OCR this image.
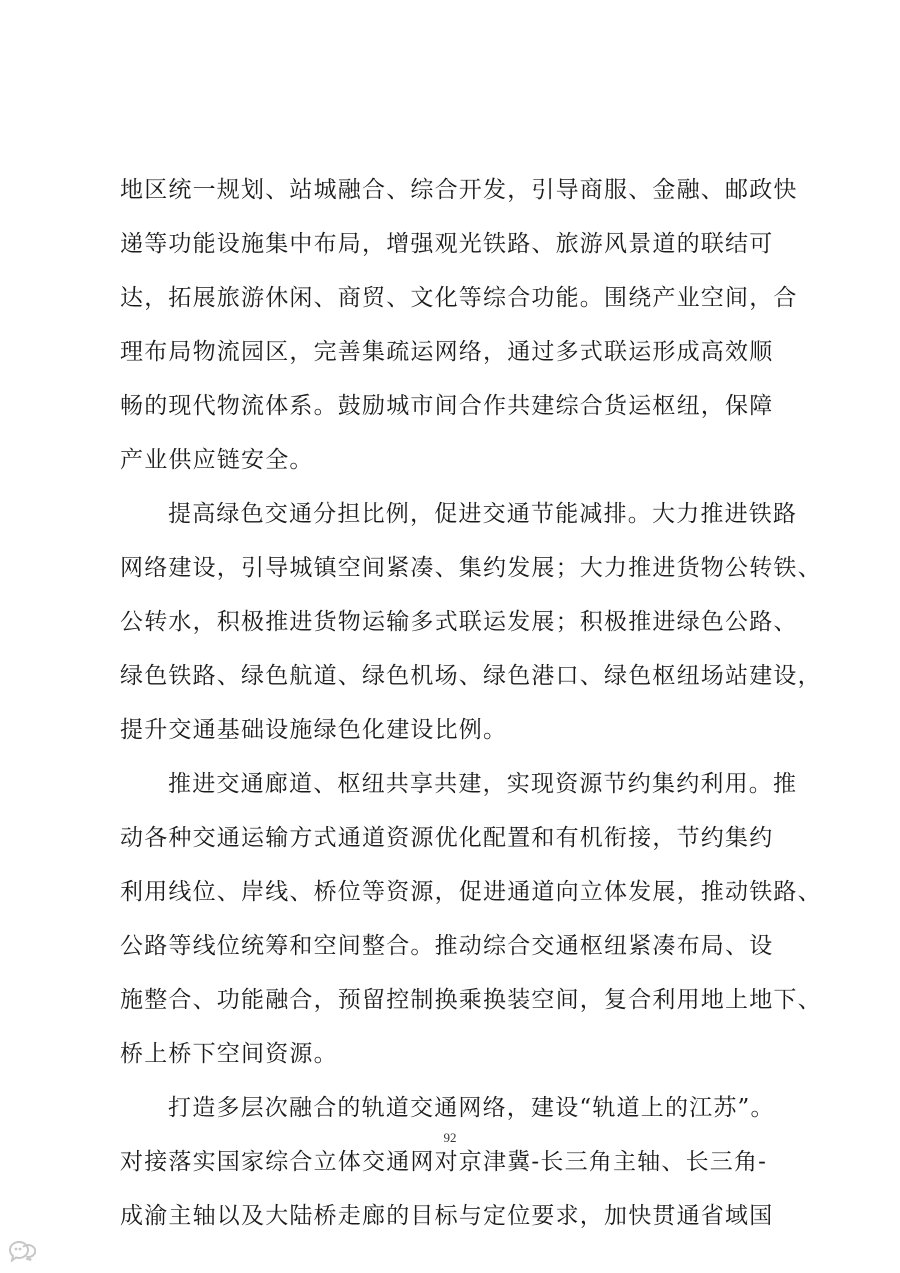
地区统一规划、站城融合、综合开发，引导商服、金融、邮政快
递等功能设施集中布局，增强观光铁路、旅游风景道的联结可
达，拓展旅游休闲、商贸、文化等综合功能。围绕产业空间，合
理布局物流园区，完善集疏运网络，通过多式联运形成高效顺
畅的现代物流体系。鼓励城市间合作共建综合货运枢纽，保障
产业供应链安全。

提高绿色交通分担比例，促进交通节能减排。大力推进铁路
网络建设，引导城镇空间紧凑、集约发展；大力推进货物公转铁、
公转水，积极推进货物运输多式联运发展；积极推进绿色公路、
绿色铁路、绿色航道、绿色机场、绿色港口、绿色枢纽场站建设，
提升交通基础设施绿色化建设比例。

推进交通廊道、枢纽共享共建，实现资源节约集约利用。推
动各种交通运输方式通道资源优化配置和有机衔接，节约集约
利用线位、岸线、桥位等资源，促进通道向立体发展，推动铁路、
公路等线位统筹和空间整合。推动综合交通枢纽紧凑布局、设
施整合、功能融合，预留控制换乘换装空间，复合利用地上地下、
桥上桥下空间资源。

打造多层次融合的轨道交通网络，建设“轨道上的江苏”。
对接落实国家综合立体交通网对京津冀-长三角主轴、长三角-
成渝主轴以及大陆桥走廊的目标与定位要求，加快贯通省域国

92
